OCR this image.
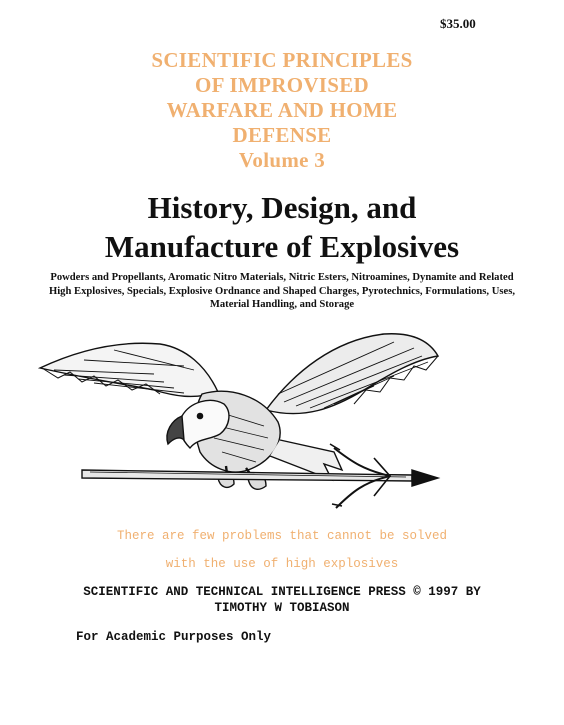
$35.00
SCIENTIFIC PRINCIPLES
OF IMPROVISED
WARFARE AND HOME
DEFENSE
Volume 3
History, Design, and
Manufacture of Explosives
Powders and Propellants, Aromatic Nitro Materials, Nitric Esters, Nitroamines, Dynamite and Related High Explosives, Specials, Explosive Ordnance and Shaped Charges, Pyrotechnics, Formulations, Uses, Material Handling, and Storage
There are few problems that cannot be solved
with the use of high explosives
SCIENTIFIC AND TECHNICAL INTELLIGENCE PRESS © 1997 BY
TIMOTHY W TOBIASON
For Academic Purposes Only
